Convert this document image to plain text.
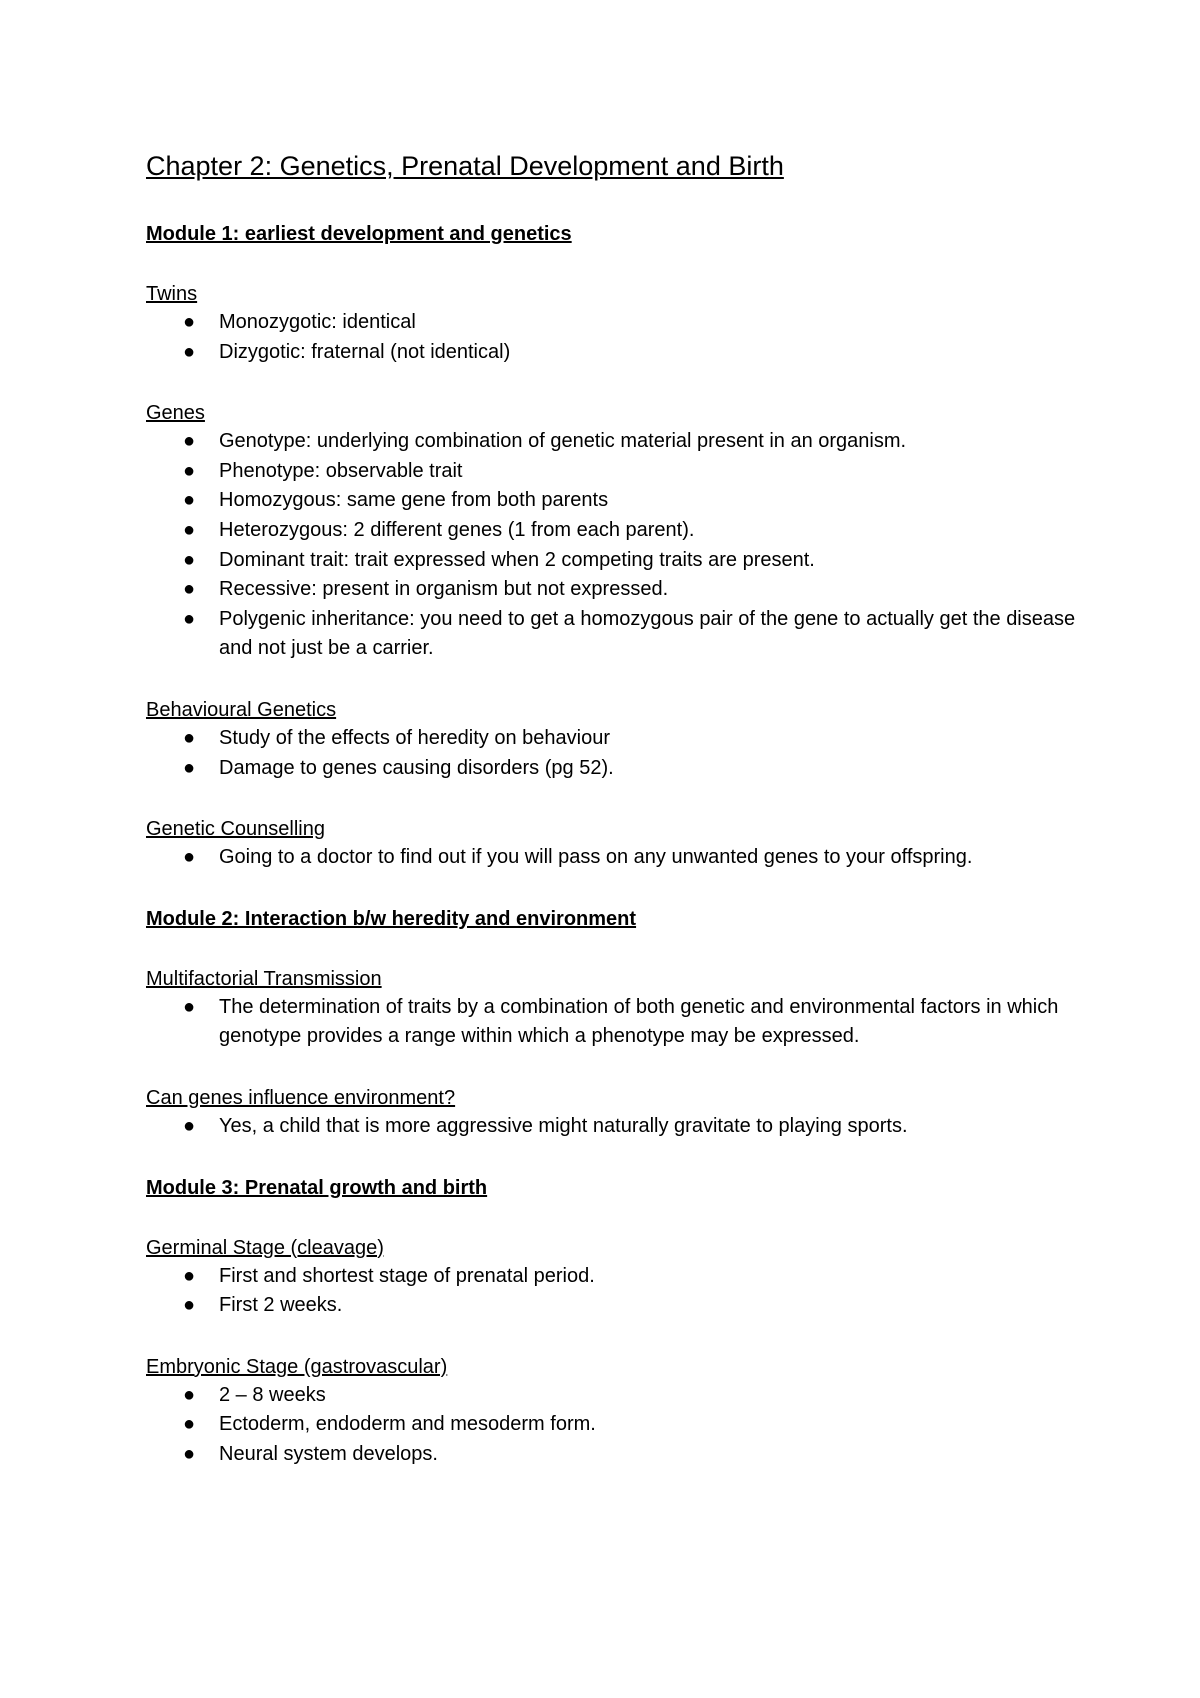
Chapter 2: Genetics, Prenatal Development and Birth
Module 1: earliest development and genetics
Twins
● Monozygotic: identical
● Dizygotic: fraternal (not identical)
Genes
● Genotype: underlying combination of genetic material present in an organism.
● Phenotype: observable trait
● Homozygous: same gene from both parents
● Heterozygous: 2 different genes (1 from each parent).
● Dominant trait: trait expressed when 2 competing traits are present.
● Recessive: present in organism but not expressed.
● Polygenic inheritance: you need to get a homozygous pair of the gene to actually get the disease and not just be a carrier.
Behavioural Genetics
● Study of the effects of heredity on behaviour
● Damage to genes causing disorders (pg 52).
Genetic Counselling
● Going to a doctor to find out if you will pass on any unwanted genes to your offspring.
Module 2: Interaction b/w heredity and environment
Multifactorial Transmission
● The determination of traits by a combination of both genetic and environmental factors in which genotype provides a range within which a phenotype may be expressed.
Can genes influence environment?
● Yes, a child that is more aggressive might naturally gravitate to playing sports.
Module 3: Prenatal growth and birth
Germinal Stage (cleavage)
● First and shortest stage of prenatal period.
● First 2 weeks.
Embryonic Stage (gastrovascular)
● 2 – 8 weeks
● Ectoderm, endoderm and mesoderm form.
● Neural system develops.
